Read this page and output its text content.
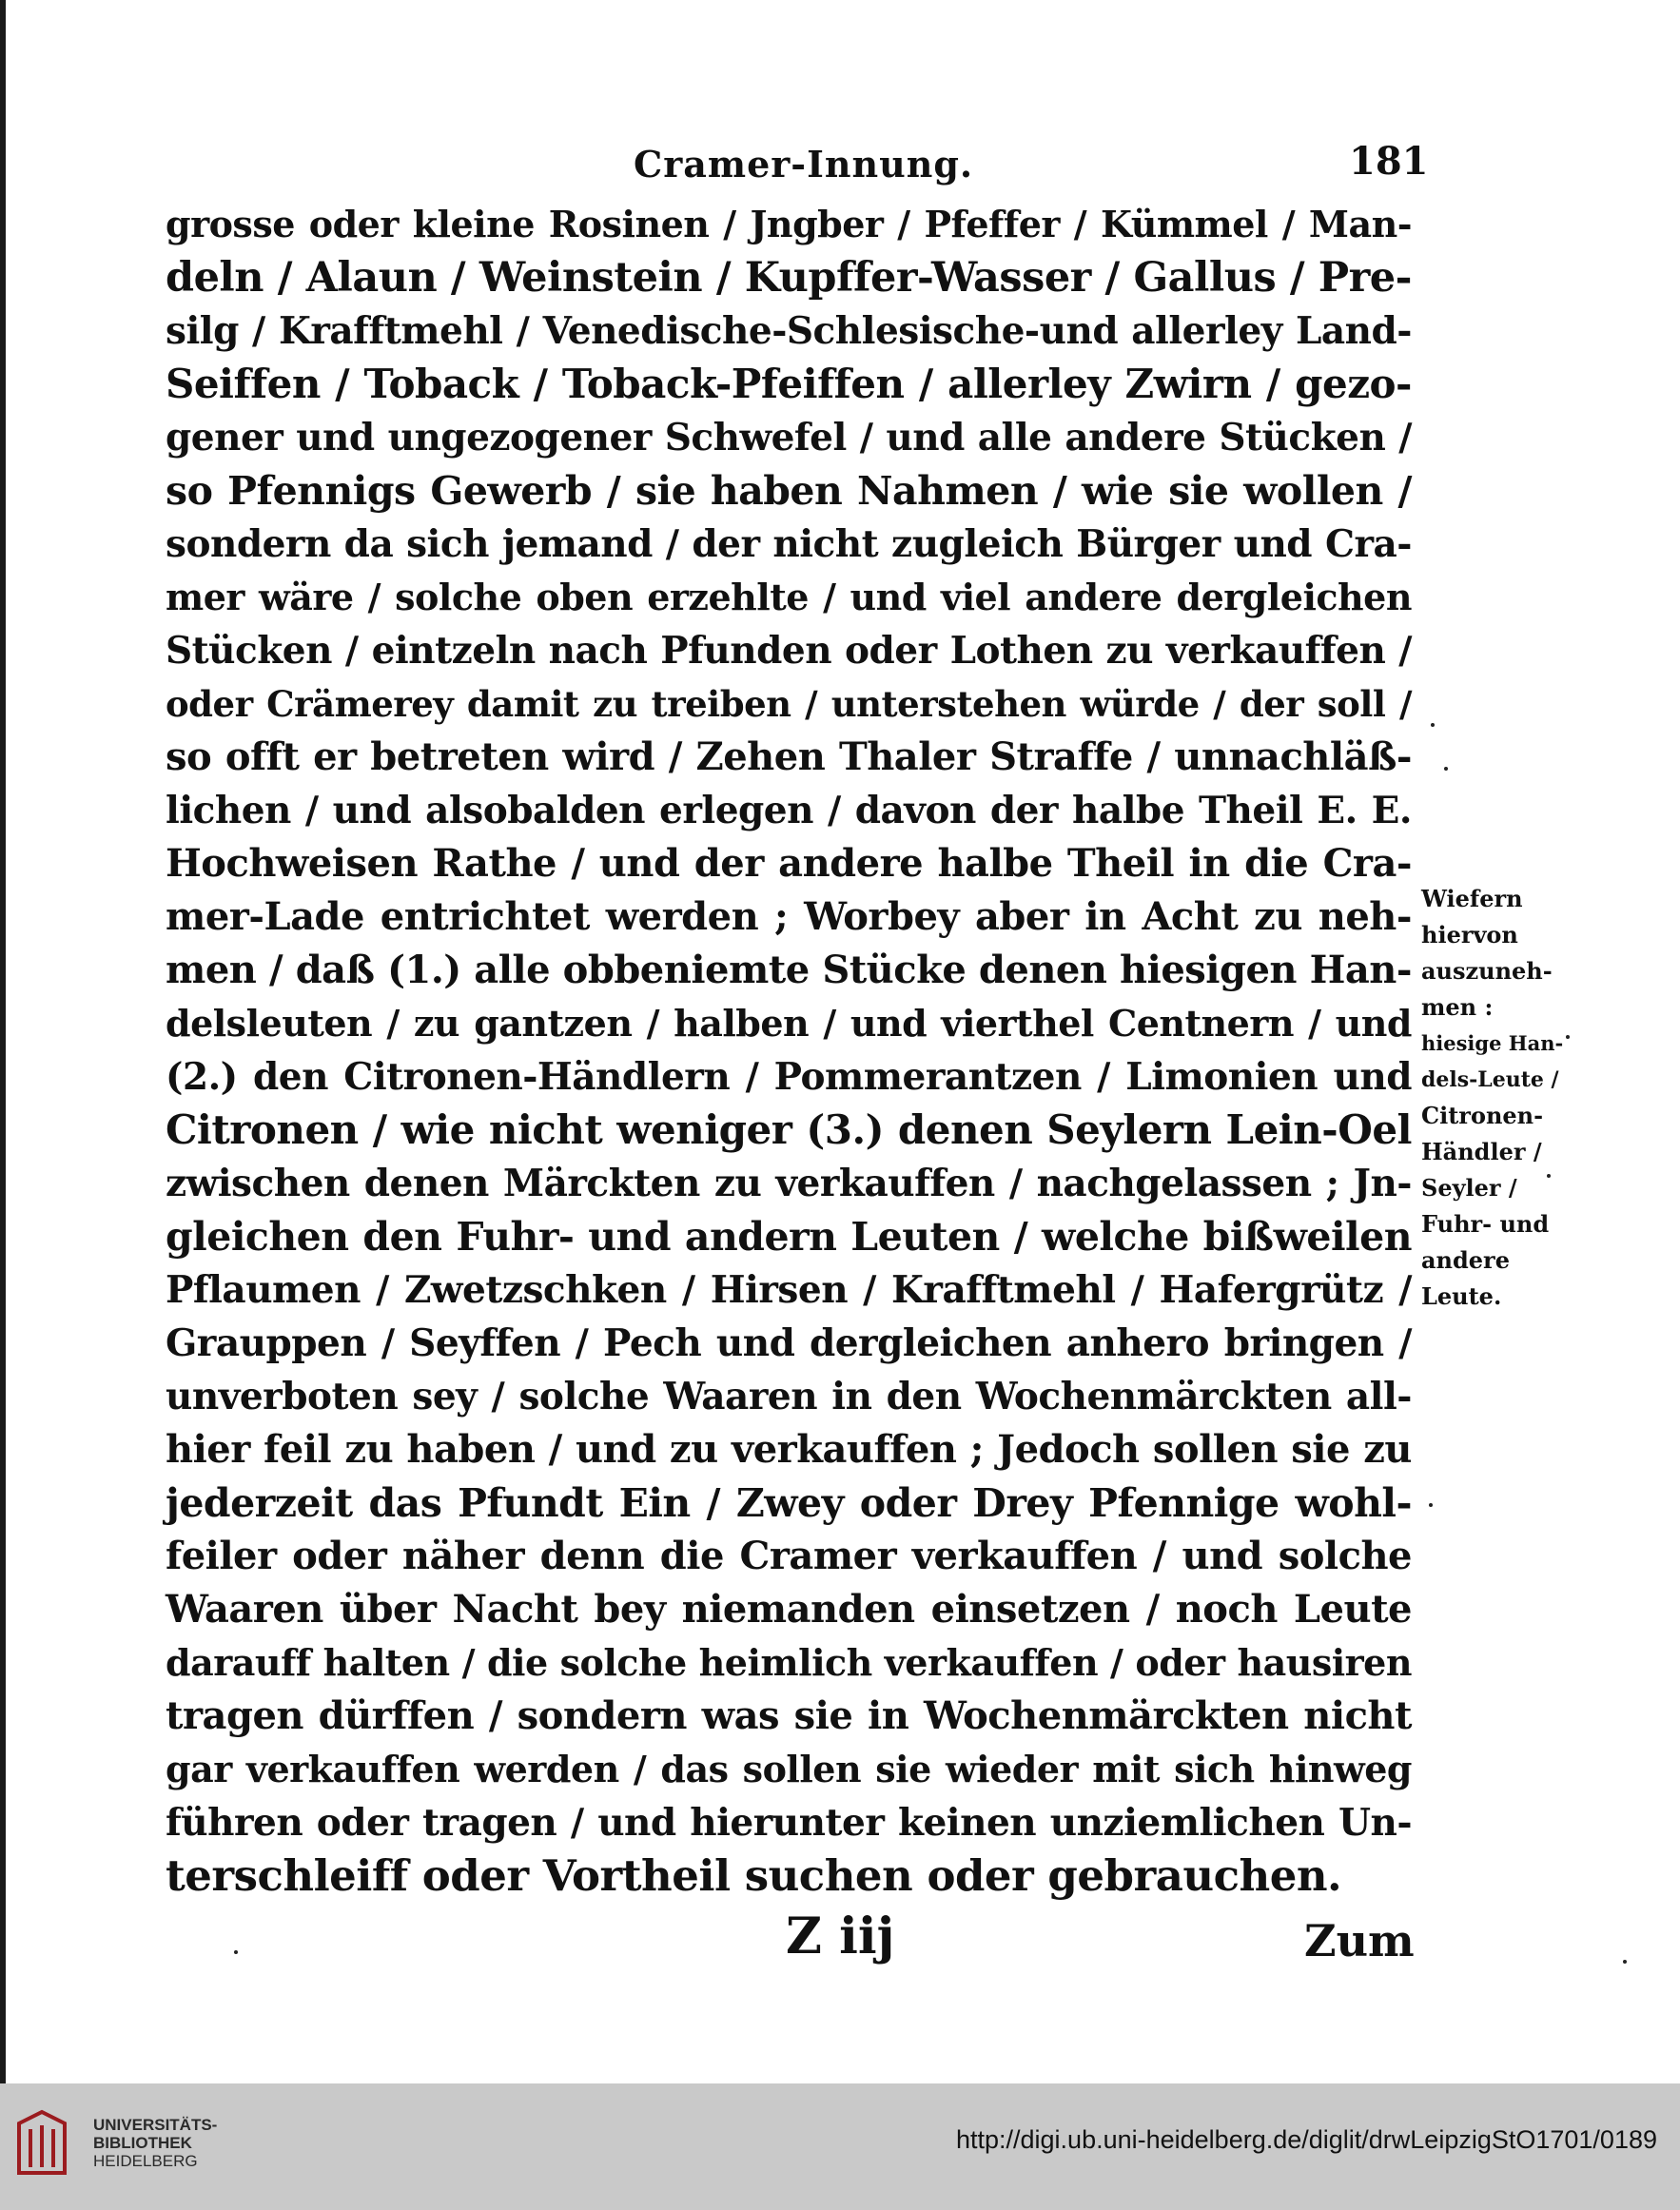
Cramer-Innung.	181
grosse oder kleine Rosinen / Jngber / Pfeffer / Kümmel / Man-
deln / Alaun / Weinstein / Kupffer-Wasser / Gallus / Pre-
silg / Krafftmehl / Venedische-Schlesische-und allerley Land-
Seiffen / Toback / Toback-Pfeiffen / allerley Zwirn / gezo-
gener und ungezogener Schwefel / und alle andere Stücken /
so Pfennigs Gewerb / sie haben Nahmen / wie sie wollen /
sondern da sich jemand / der nicht zugleich Bürger und Cra-
mer wäre / solche oben erzehlte / und viel andere dergleichen
Stücken / eintzeln nach Pfunden oder Lothen zu verkauffen /
oder Crämerey damit zu treiben / unterstehen würde / der soll /
so offt er betreten wird / Zehen Thaler Straffe / unnachläß-
lichen / und alsobalden erlegen / davon der halbe Theil E. E.
Hochweisen Rathe / und der andere halbe Theil in die Cra-
mer-Lade entrichtet werden ; Worbey aber in Acht zu neh-
men / daß (1.) alle obbeniemte Stücke denen hiesigen Han-
delsleuten / zu gantzen / halben / und vierthel Centnern / und
(2.) den Citronen-Händlern / Pommerantzen / Limonien und
Citronen / wie nicht weniger (3.) denen Seylern Lein-Oel
zwischen denen Märckten zu verkauffen / nachgelassen ; Jn-
gleichen den Fuhr- und andern Leuten / welche bißweilen
Pflaumen / Zwetzschken / Hirsen / Krafftmehl / Hafergrütz /
Grauppen / Seyffen / Pech und dergleichen anhero bringen /
unverboten sey / solche Waaren in den Wochenmärckten all-
hier feil zu haben / und zu verkauffen ; Jedoch sollen sie zu
jederzeit das Pfundt Ein / Zwey oder Drey Pfennige wohl-
feiler oder näher denn die Cramer verkauffen / und solche
Waaren über Nacht bey niemanden einsetzen / noch Leute
darauff halten / die solche heimlich verkauffen / oder hausiren
tragen dürffen / sondern was sie in Wochenmärckten nicht
gar verkauffen werden / das sollen sie wieder mit sich hinweg
führen oder tragen / und hierunter keinen unziemlichen Un-
terschleiff oder Vortheil suchen oder gebrauchen.
Wiefern
hiervon
auszuneh-
men :
hiesige Han-
dels-Leute /
Citronen-
Händler /
Seyler /
Fuhr- und
andere
Leute.
Z iij	Zum
UNIVERSITÄTS-
BIBLIOTHEK
HEIDELBERG
http://digi.ub.uni-heidelberg.de/diglit/drwLeipzigStO1701/0189
